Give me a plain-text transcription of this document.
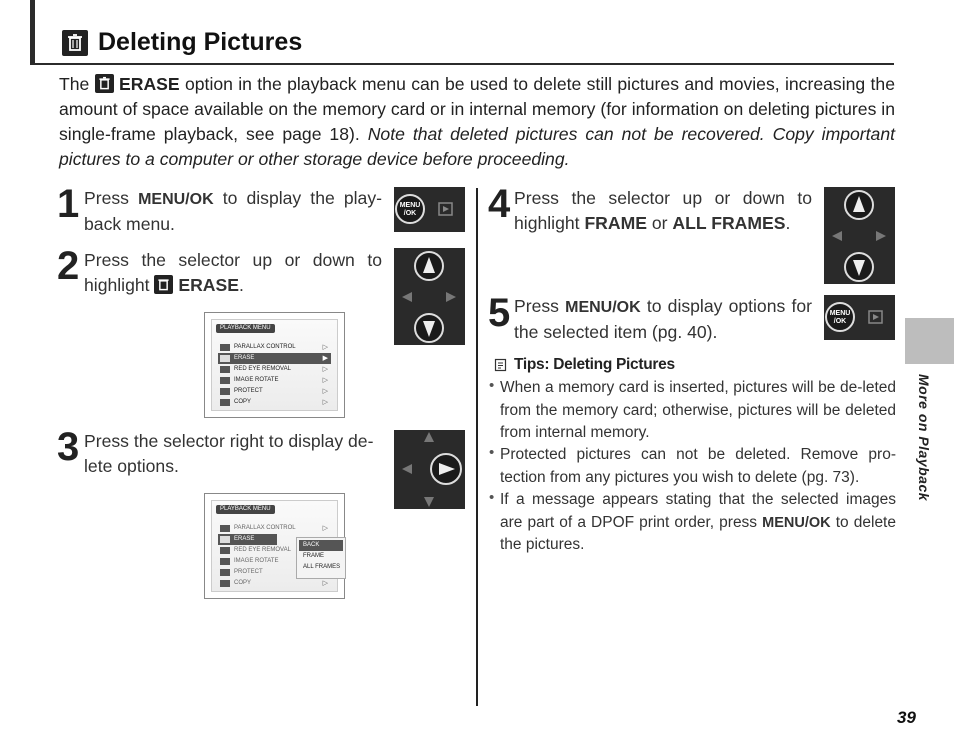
Deleting Pictures
The
ERASE option in the playback menu can be used to delete still pictures and movies, increasing the amount of space available on the memory card or in internal memory (for information on deleting pictures in single-frame playback, see page 18). Note that deleted pictures can not be recovered. Copy important pictures to a computer or other storage device before proceeding.
1 Press MENU/OK to display the play-back menu.
MENU
/OK
2 Press the selector up or down to highlight
ERASE.
PLAYBACK MENU
PARALLAX CONTROL	▷
ERASE	▶
RED EYE REMOVAL	▷
IMAGE ROTATE	▷
PROTECT	▷
COPY	▷
3 Press the selector right to display de-lete options.
PLAYBACK MENU
PARALLAX CONTROL	▷
ERASE
RED EYE REMOVAL
IMAGE ROTATE
PROTECT
COPY	▷
BACK
FRAME
ALL FRAMES
4 Press the selector up or down to highlight FRAME or ALL FRAMES.
5 Press MENU/OK to display options for the selected item (pg. 40).
MENU
/OK
Tips: Deleting Pictures
• When a memory card is inserted, pictures will be de-leted from the memory card; otherwise, pictures will be deleted from internal memory.
• Protected pictures can not be deleted. Remove pro-tection from any pictures you wish to delete (pg. 73).
• If a message appears stating that the selected images are part of a DPOF print order, press MENU/OK to delete the pictures.
More on Playback
39
